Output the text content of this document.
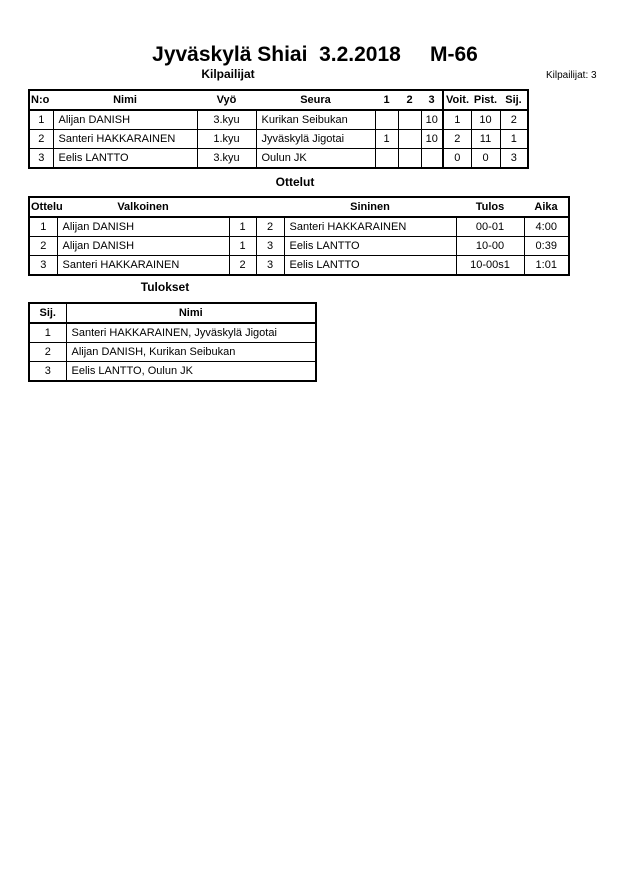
Jyväskylä Shiai  3.2.2018     M-66
Kilpailijat	Kilpailijat: 3
N:o	Nimi	Vyö	Seura	1	2	3	Voit.	Pist.	Sij.
1	Alijan DANISH	3.kyu	Kurikan Seibukan			10	1	10	2
2	Santeri HAKKARAINEN	1.kyu	Jyväskylä Jigotai	1		10	2	11	1
3	Eelis LANTTO	3.kyu	Oulun JK				0	0	3
Ottelut
Ottelu	Valkoinen			Sininen	Tulos	Aika
1	Alijan DANISH	1	2	Santeri HAKKARAINEN	00-01	4:00
2	Alijan DANISH	1	3	Eelis LANTTO	10-00	0:39
3	Santeri HAKKARAINEN	2	3	Eelis LANTTO	10-00s1	1:01
Tulokset
Sij.	Nimi
1	Santeri HAKKARAINEN, Jyväskylä Jigotai
2	Alijan DANISH, Kurikan Seibukan
3	Eelis LANTTO, Oulun JK
